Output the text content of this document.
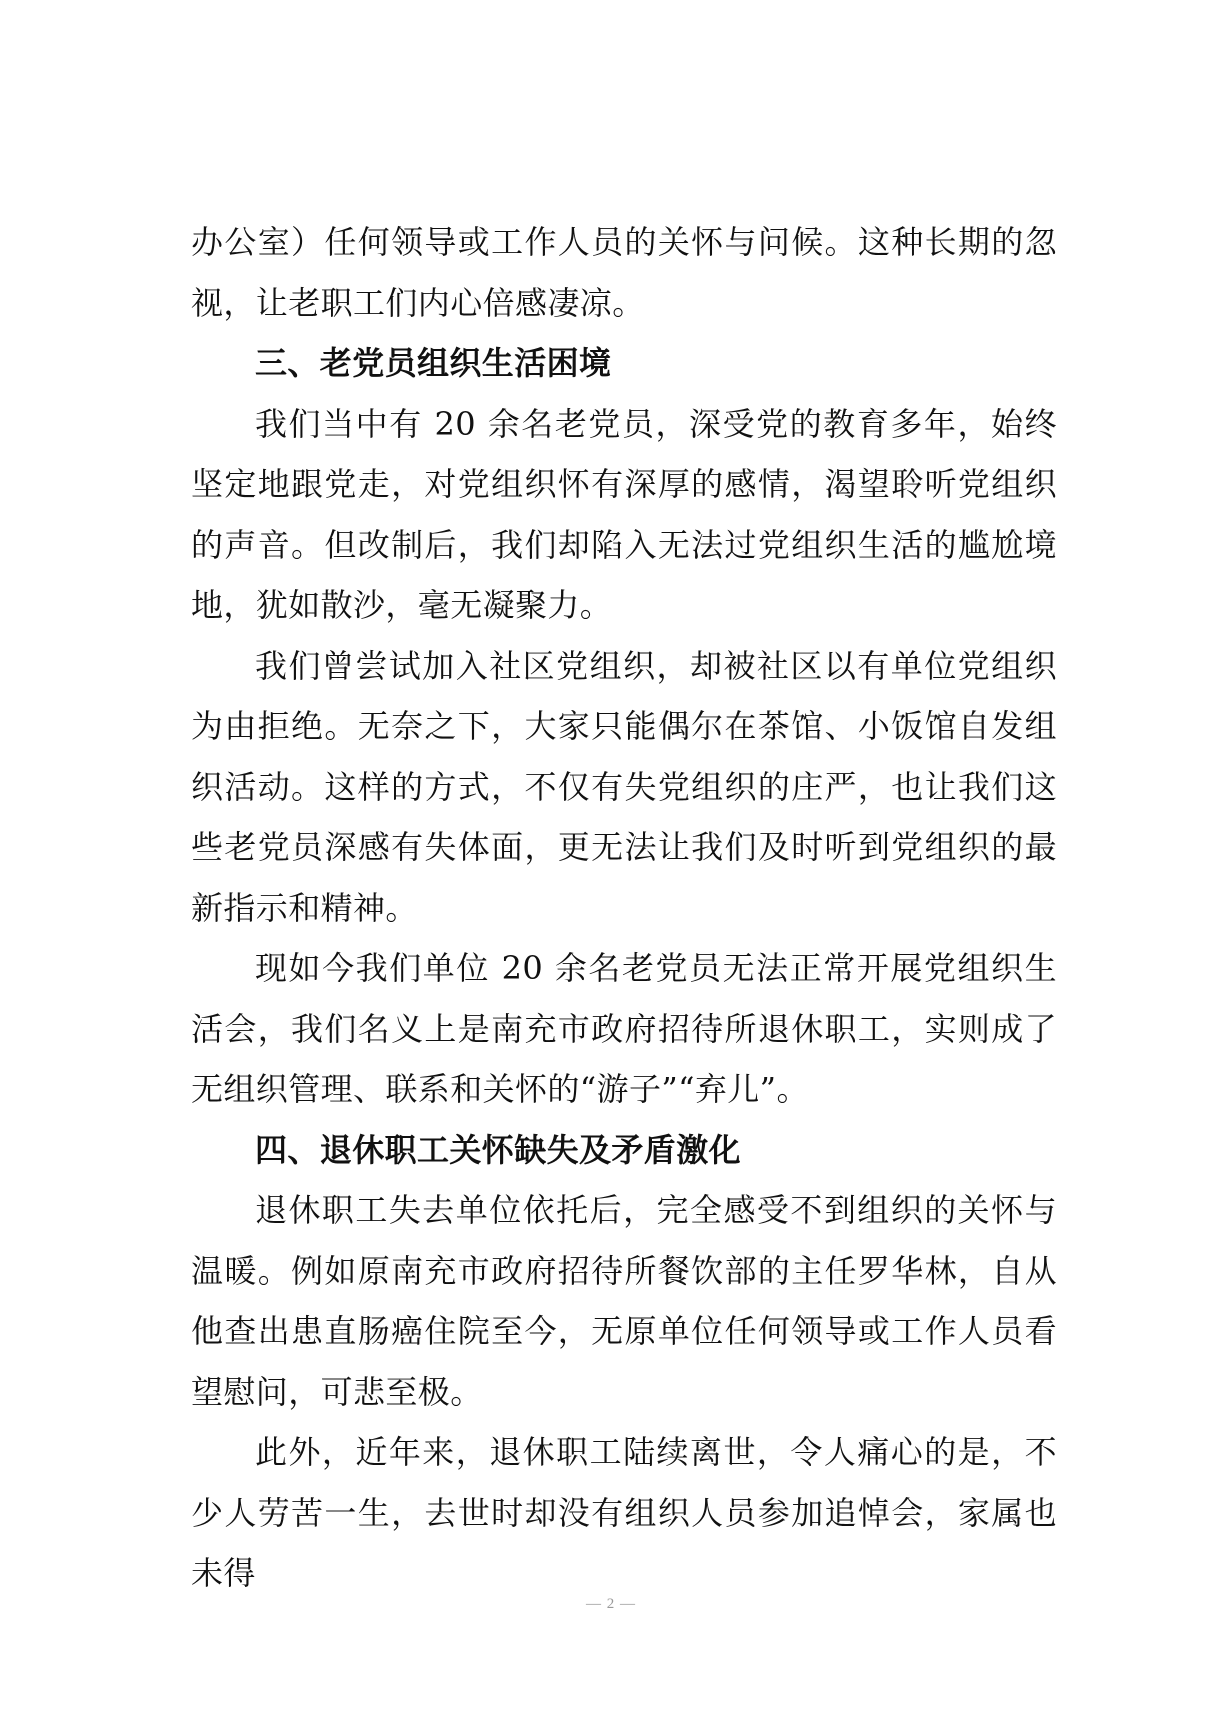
办公室）任何领导或工作人员的关怀与问候。这种长期的忽视，让老职工们内心倍感凄凉。

三、老党员组织生活困境

我们当中有 20 余名老党员，深受党的教育多年，始终坚定地跟党走，对党组织怀有深厚的感情，渴望聆听党组织的声音。但改制后，我们却陷入无法过党组织生活的尴尬境地，犹如散沙，毫无凝聚力。

我们曾尝试加入社区党组织，却被社区以有单位党组织为由拒绝。无奈之下，大家只能偶尔在茶馆、小饭馆自发组织活动。这样的方式，不仅有失党组织的庄严，也让我们这些老党员深感有失体面，更无法让我们及时听到党组织的最新指示和精神。

现如今我们单位 20 余名老党员无法正常开展党组织生活会，我们名义上是南充市政府招待所退休职工，实则成了无组织管理、联系和关怀的“游子”“弃儿”。

四、退休职工关怀缺失及矛盾激化

退休职工失去单位依托后，完全感受不到组织的关怀与温暖。例如原南充市政府招待所餐饮部的主任罗华林，自从他查出患直肠癌住院至今，无原单位任何领导或工作人员看望慰问，可悲至极。

此外，近年来，退休职工陆续离世，令人痛心的是，不少人劳苦一生，去世时却没有组织人员参加追悼会，家属也未得

— 2 —
